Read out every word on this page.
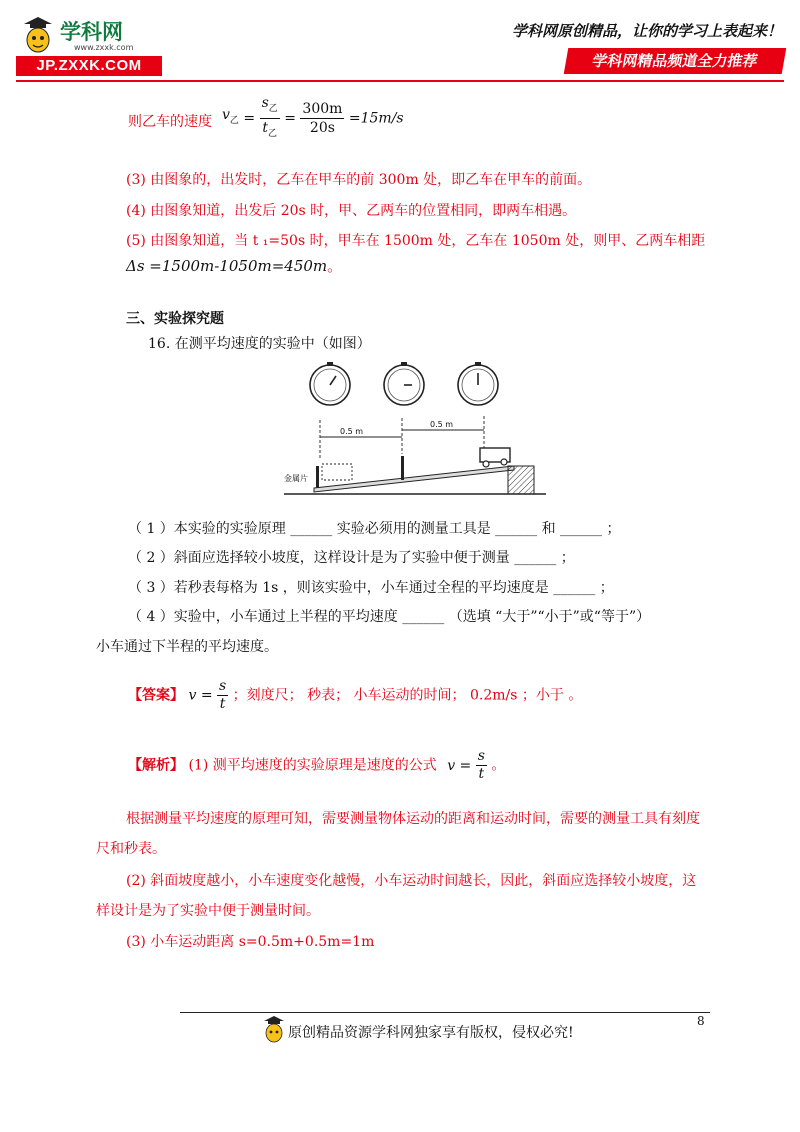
学科网
www.zxxk.com
JP.ZXXK.COM
学科网原创精品，让你的学习上表起来！
学科网精品频道全力推荐
则乙车的速度 $v_乙 = \frac{s_乙}{t_乙} = \frac{300m}{20s} =15m/s$
(3) 由图象的，出发时，乙车在甲车的前 300m 处，即乙车在甲车的前面。
(4) 由图象知道，出发后 20s 时，甲、乙两车的位置相同，即两车相遇。
(5) 由图象知道，当 t ₁=50s 时，甲车在 1500m 处，乙车在 1050m 处，则甲、乙两车相距
Δs =1500m-1050m=450m。
三、实验探究题
16. 在测平均速度的实验中（如图）
0.5 m
0.5 m
金属片
（ 1 ）本实验的实验原理 ______ 实验必须用的测量工具是 ______ 和 ______ ；
（ 2 ）斜面应选择较小坡度，这样设计是为了实验中便于测量 ______ ；
（ 3 ）若秒表每格为 1s ，则该实验中，小车通过全程的平均速度是 ______ ；
（ 4 ）实验中，小车通过上半程的平均速度 ______ （选填 “大于”“小于”或“等于”）
小车通过下半程的平均速度。
【答案】 $v = \frac{s}{t}$ ；刻度尺； 秒表； 小车运动的时间； 0.2m/s ；小于 。
【解析】 (1) 测平均速度的实验原理是速度的公式 $v = \frac{s}{t}$ 。
根据测量平均速度的原理可知，需要测量物体运动的距离和运动时间，需要的测量工具有刻度
尺和秒表。
(2) 斜面坡度越小，小车速度变化越慢，小车运动时间越长，因此，斜面应选择较小坡度，这
样设计是为了实验中便于测量时间。
(3) 小车运动距离 s=0.5m+0.5m=1m
8
原创精品资源学科网独家享有版权，侵权必究!
